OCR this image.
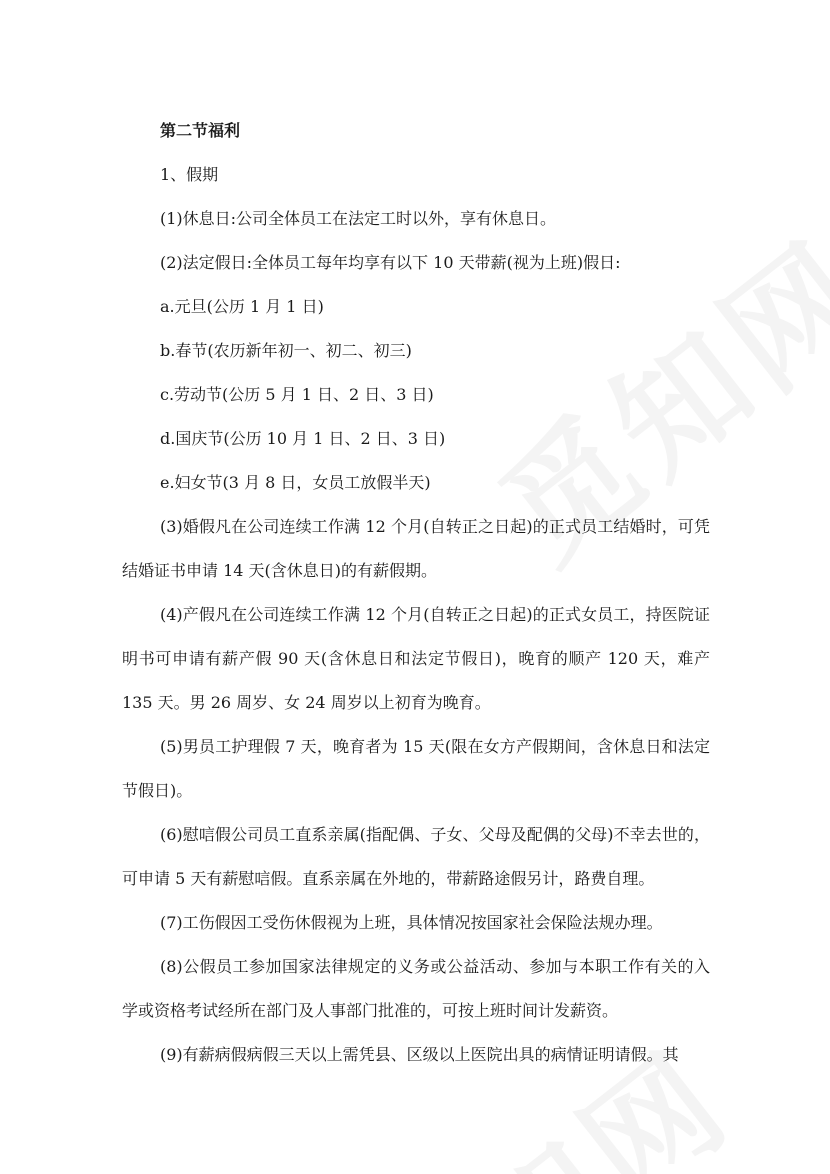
第二节福利

1、假期

(1)休息日:公司全体员工在法定工时以外，享有休息日。

(2)法定假日:全体员工每年均享有以下 10 天带薪(视为上班)假日:

a.元旦(公历 1 月 1 日)

b.春节(农历新年初一、初二、初三)

c.劳动节(公历 5 月 1 日、2 日、3 日)

d.国庆节(公历 10 月 1 日、2 日、3 日)

e.妇女节(3 月 8 日，女员工放假半天)

(3)婚假凡在公司连续工作满 12 个月(自转正之日起)的正式员工结婚时，可凭结婚证书申请 14 天(含休息日)的有薪假期。

(4)产假凡在公司连续工作满 12 个月(自转正之日起)的正式女员工，持医院证明书可申请有薪产假 90 天(含休息日和法定节假日)，晚育的顺产 120 天，难产 135 天。男 26 周岁、女 24 周岁以上初育为晚育。

(5)男员工护理假 7 天，晚育者为 15 天(限在女方产假期间，含休息日和法定节假日)。

(6)慰唁假公司员工直系亲属(指配偶、子女、父母及配偶的父母)不幸去世的，可申请 5 天有薪慰唁假。直系亲属在外地的，带薪路途假另计，路费自理。

(7)工伤假因工受伤休假视为上班，具体情况按国家社会保险法规办理。

(8)公假员工参加国家法律规定的义务或公益活动、参加与本职工作有关的入学或资格考试经所在部门及人事部门批准的，可按上班时间计发薪资。

(9)有薪病假病假三天以上需凭县、区级以上医院出具的病情证明请假。其
